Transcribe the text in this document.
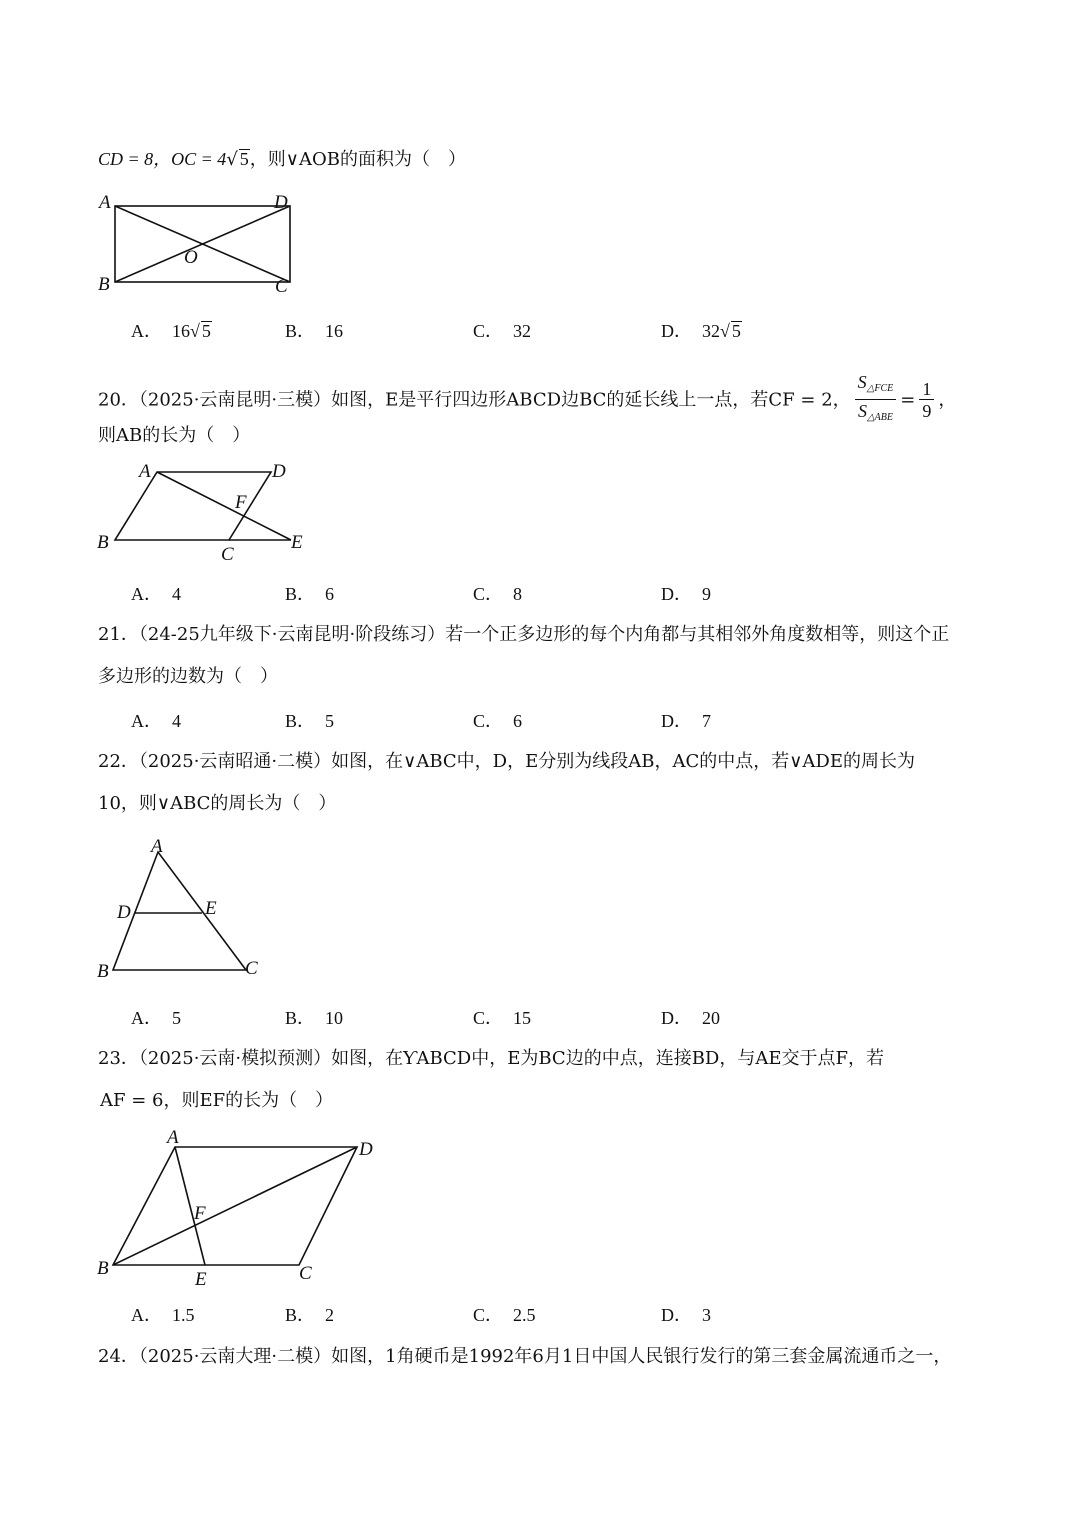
CD = 8，OC = 4√ 5，则∨AOB的面积为（　）
A	D
O
B	C
A． 16√ 5	B． 16	C． 32	D． 32√ 5
20．（2025·云南昆明·三模）如图，E是平行四边形ABCD边BC的延长线上一点，若CF = 2， $\frac{S_{\triangle FCE}}{S_{\triangle ABE}} = \frac{1}{9}$ ，
则AB的长为（　）
A	D
F
B
C
E
A． 4	B． 6	C． 8	D． 9
21．（24-25九年级下·云南昆明·阶段练习）若一个正多边形的每个内角都与其相邻外角度数相等，则这个正
多边形的边数为（　）
A． 4	B． 5	C． 6	D． 7
22．（2025·云南昭通·二模）如图，在∨ABC中，D，E分别为线段AB，AC的中点，若∨ADE的周长为
10，则∨ABC的周长为（　）
A
D	E
B	C
A． 5	B． 10	C． 15	D． 20
23．（2025·云南·模拟预测）如图，在ƳABCD中，E为BC边的中点，连接BD，与AE交于点F，若
AF = 6，则EF的长为（　）
A
D
F
B
E	C
A． 1.5	B． 2	C． 2.5	D． 3
24．（2025·云南大理·二模）如图，1角硬币是1992年6月1日中国人民银行发行的第三套金属流通币之一，
